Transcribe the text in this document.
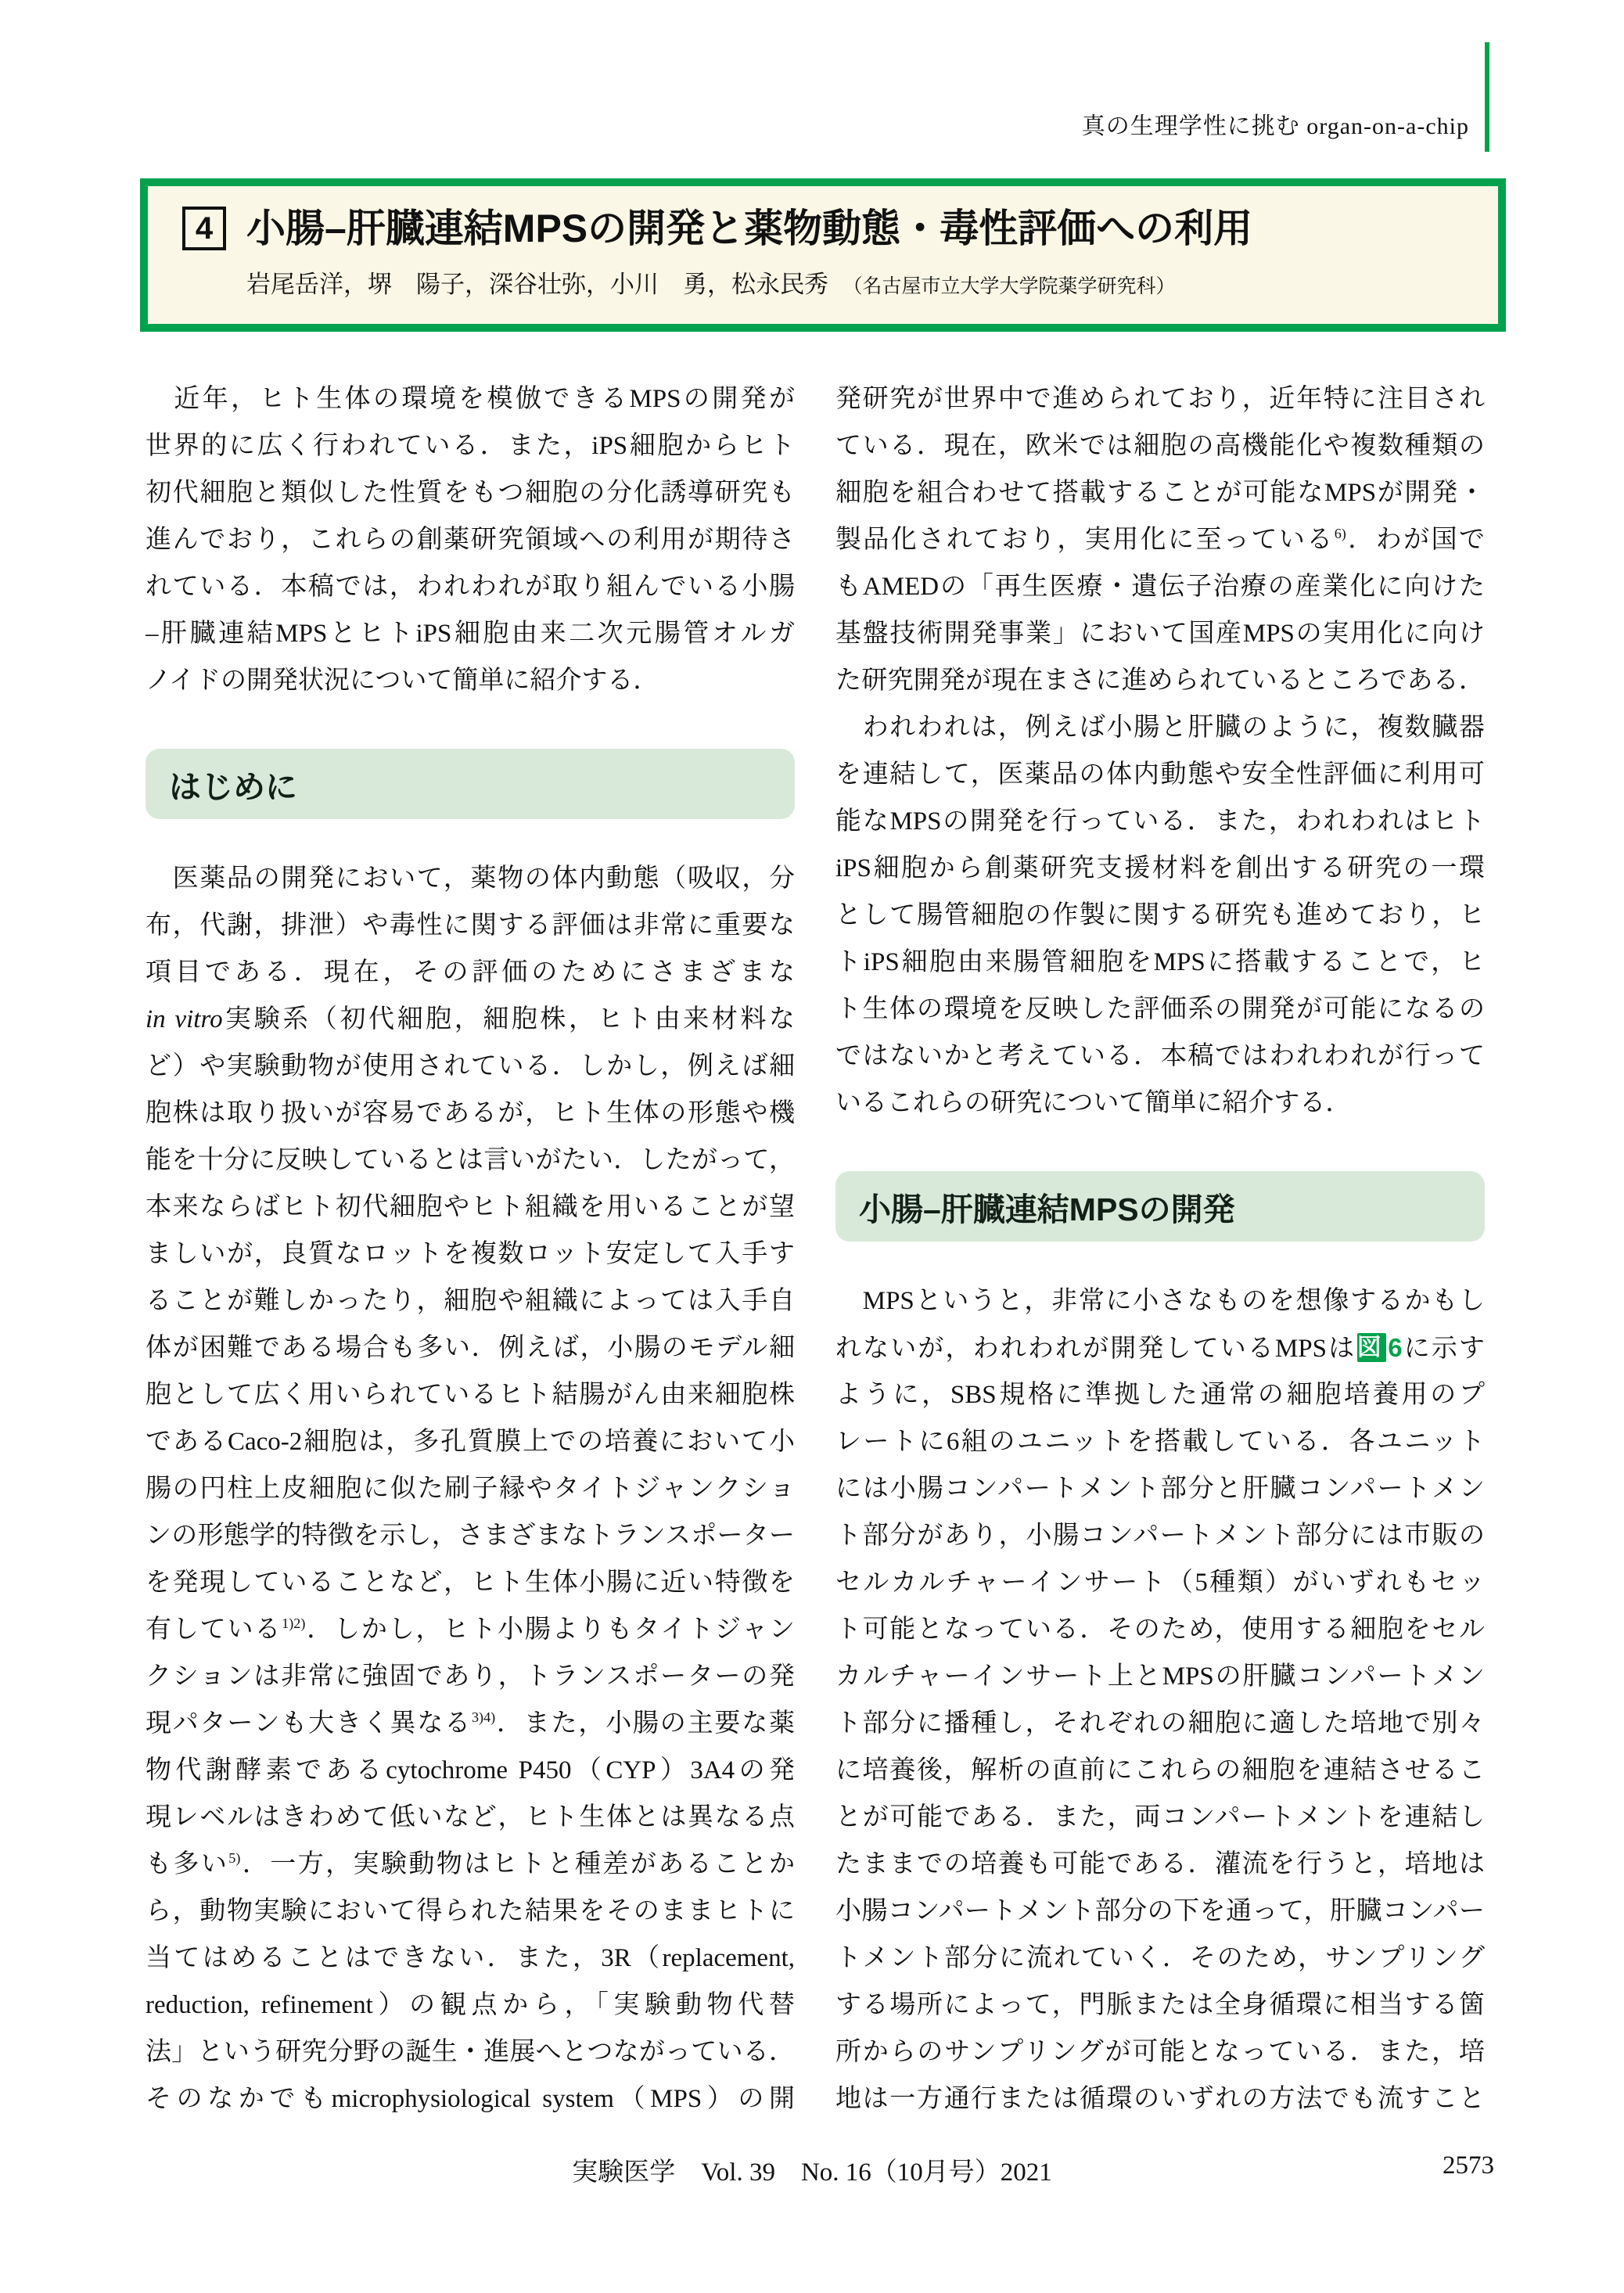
真の生理学性に挑む organ-on-a-chip
4 小腸–肝臓連結MPSの開発と薬物動態・毒性評価への利用
岩尾岳洋，堺　陽子，深谷壮弥，小川　勇，松永民秀　 （名古屋市立大学大学院薬学研究科）
　近年，ヒト生体の環境を模倣できるMPSの開発が
世界的に広く行われている．また，iPS細胞からヒト
初代細胞と類似した性質をもつ細胞の分化誘導研究も
進んでおり，これらの創薬研究領域への利用が期待さ
れている．本稿では，われわれが取り組んでいる小腸
–肝臓連結MPSとヒトiPS細胞由来二次元腸管オルガ
ノイドの開発状況について簡単に紹介する．
はじめに
　医薬品の開発において，薬物の体内動態（吸収，分
布，代謝，排泄）や毒性に関する評価は非常に重要な
項目である．現在，その評価のためにさまざまな
in vitro実験系（初代細胞，細胞株，ヒト由来材料な
ど）や実験動物が使用されている．しかし，例えば細
胞株は取り扱いが容易であるが，ヒト生体の形態や機
能を十分に反映しているとは言いがたい．したがって，
本来ならばヒト初代細胞やヒト組織を用いることが望
ましいが，良質なロットを複数ロット安定して入手す
ることが難しかったり，細胞や組織によっては入手自
体が困難である場合も多い．例えば，小腸のモデル細
胞として広く用いられているヒト結腸がん由来細胞株
であるCaco-2細胞は，多孔質膜上での培養において小
腸の円柱上皮細胞に似た刷子縁やタイトジャンクショ
ンの形態学的特徴を示し，さまざまなトランスポーター
を発現していることなど，ヒト生体小腸に近い特徴を
有している$^{1)2)}$．しかし，ヒト小腸よりもタイトジャン
クションは非常に強固であり，トランスポーターの発
現パターンも大きく異なる$^{3)4)}$．また，小腸の主要な薬
物代謝酵素であるcytochrome P450（CYP）3A4の発
現レベルはきわめて低いなど，ヒト生体とは異なる点
も多い$^{5)}$．一方，実験動物はヒトと種差があることか
ら，動物実験において得られた結果をそのままヒトに
当てはめることはできない．また，3R（replacement,
reduction, refinement）の観点から，「実験動物代替
法」という研究分野の誕生・進展へとつながっている．
そのなかでもmicrophysiological system（MPS）の開
発研究が世界中で進められており，近年特に注目され
ている．現在，欧米では細胞の高機能化や複数種類の
細胞を組合わせて搭載することが可能なMPSが開発・
製品化されており，実用化に至っている$^{6)}$．わが国で
もAMEDの「再生医療・遺伝子治療の産業化に向けた
基盤技術開発事業」において国産MPSの実用化に向け
た研究開発が現在まさに進められているところである．
　われわれは，例えば小腸と肝臓のように，複数臓器
を連結して，医薬品の体内動態や安全性評価に利用可
能なMPSの開発を行っている．また，われわれはヒト
iPS細胞から創薬研究支援材料を創出する研究の一環
として腸管細胞の作製に関する研究も進めており，ヒ
トiPS細胞由来腸管細胞をMPSに搭載することで，ヒ
ト生体の環境を反映した評価系の開発が可能になるの
ではないかと考えている．本稿ではわれわれが行って
いるこれらの研究について簡単に紹介する．
小腸–肝臓連結MPSの開発
　MPSというと，非常に小さなものを想像するかもし
れないが，われわれが開発しているMPSは図 6に示す
ように，SBS規格に準拠した通常の細胞培養用のプ
レートに6組のユニットを搭載している．各ユニット
には小腸コンパートメント部分と肝臓コンパートメン
ト部分があり，小腸コンパートメント部分には市販の
セルカルチャーインサート（5種類）がいずれもセッ
ト可能となっている．そのため，使用する細胞をセル
カルチャーインサート上とMPSの肝臓コンパートメン
ト部分に播種し，それぞれの細胞に適した培地で別々
に培養後，解析の直前にこれらの細胞を連結させるこ
とが可能である．また，両コンパートメントを連結し
たままでの培養も可能である．灌流を行うと，培地は
小腸コンパートメント部分の下を通って，肝臓コンパー
トメント部分に流れていく．そのため，サンプリング
する場所によって，門脈または全身循環に相当する箇
所からのサンプリングが可能となっている．また，培
地は一方通行または循環のいずれの方法でも流すこと
実験医学　Vol. 39　No. 16（10月号）2021	2573
